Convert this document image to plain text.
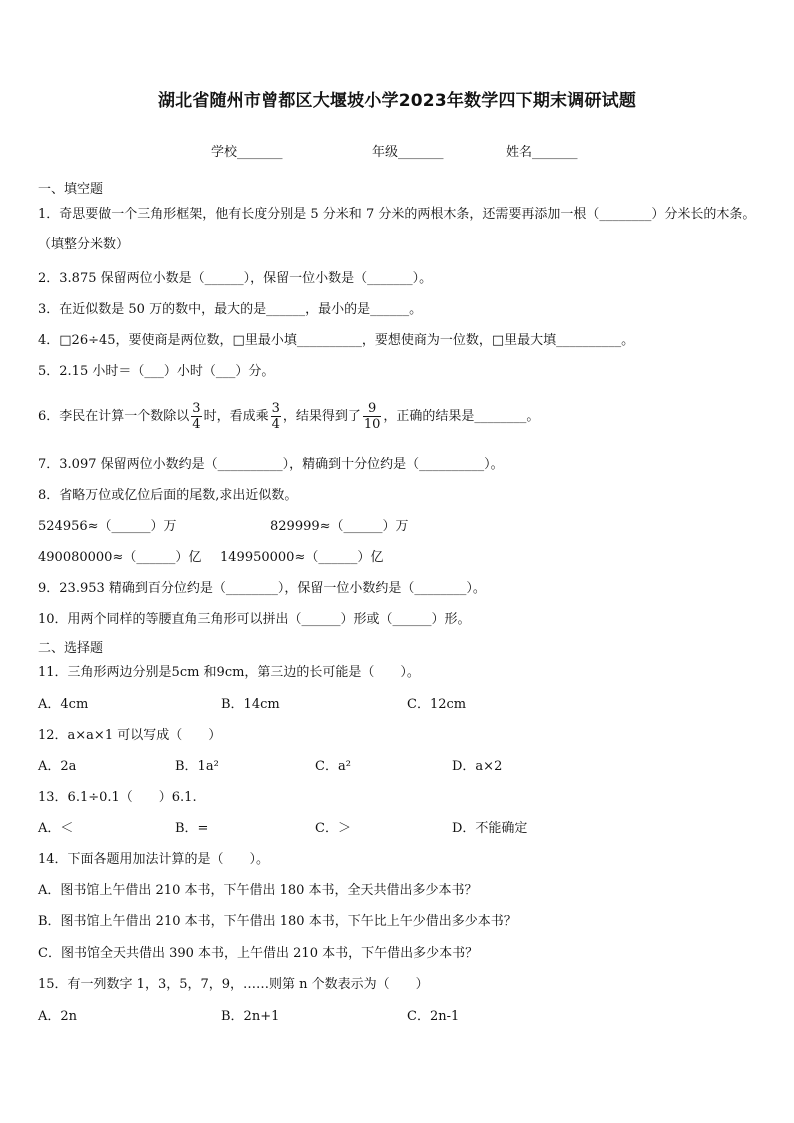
湖北省随州市曾都区大堰坡小学2023年数学四下期末调研试题
学校_______	年级_______	姓名_______
一、填空题
1．奇思要做一个三角形框架，他有长度分别是 5 分米和 7 分米的两根木条，还需要再添加一根（________）分米长的木条。（填整分米数）
2．3.875 保留两位小数是（______），保留一位小数是（_______）。
3．在近似数是 50 万的数中，最大的是______，最小的是______。
4．□26÷45，要使商是两位数，□里最小填__________，要想使商为一位数，□里最大填__________。
5．2.15 小时＝（___）小时（___）分。
6．李民在计算一个数除以 $\frac{3}{4}$ 时，看成乘 $\frac{3}{4}$ ，结果得到了 $\frac{9}{10}$ ，正确的结果是________。
7．3.097 保留两位小数约是（__________），精确到十分位约是（__________）。
8．省略万位或亿位后面的尾数,求出近似数。
524956≈（______）万	829999≈（______）万
490080000≈（______）亿 149950000≈（______）亿
9．23.953 精确到百分位约是（________），保留一位小数约是（________）。
10．用两个同样的等腰直角三角形可以拼出（______）形或（______）形。
二、选择题
11．三角形两边分别是5cm 和9cm，第三边的长可能是（　　）。
A．4cm	B．14cm	C．12cm
12．a×a×1 可以写成（　　）
A．2a	B．1a²	C．a²	D．a×2
13．6.1÷0.1（　　）6.1.
A．＜	B．=	C．＞	D．不能确定
14．下面各题用加法计算的是（　　）。
A．图书馆上午借出 210 本书，下午借出 180 本书，全天共借出多少本书？
B．图书馆上午借出 210 本书，下午借出 180 本书，下午比上午少借出多少本书？
C．图书馆全天共借出 390 本书，上午借出 210 本书，下午借出多少本书？
15．有一列数字 1，3，5，7，9，……则第 n 个数表示为（　　）
A．2n	B．2n+1	C．2n-1
